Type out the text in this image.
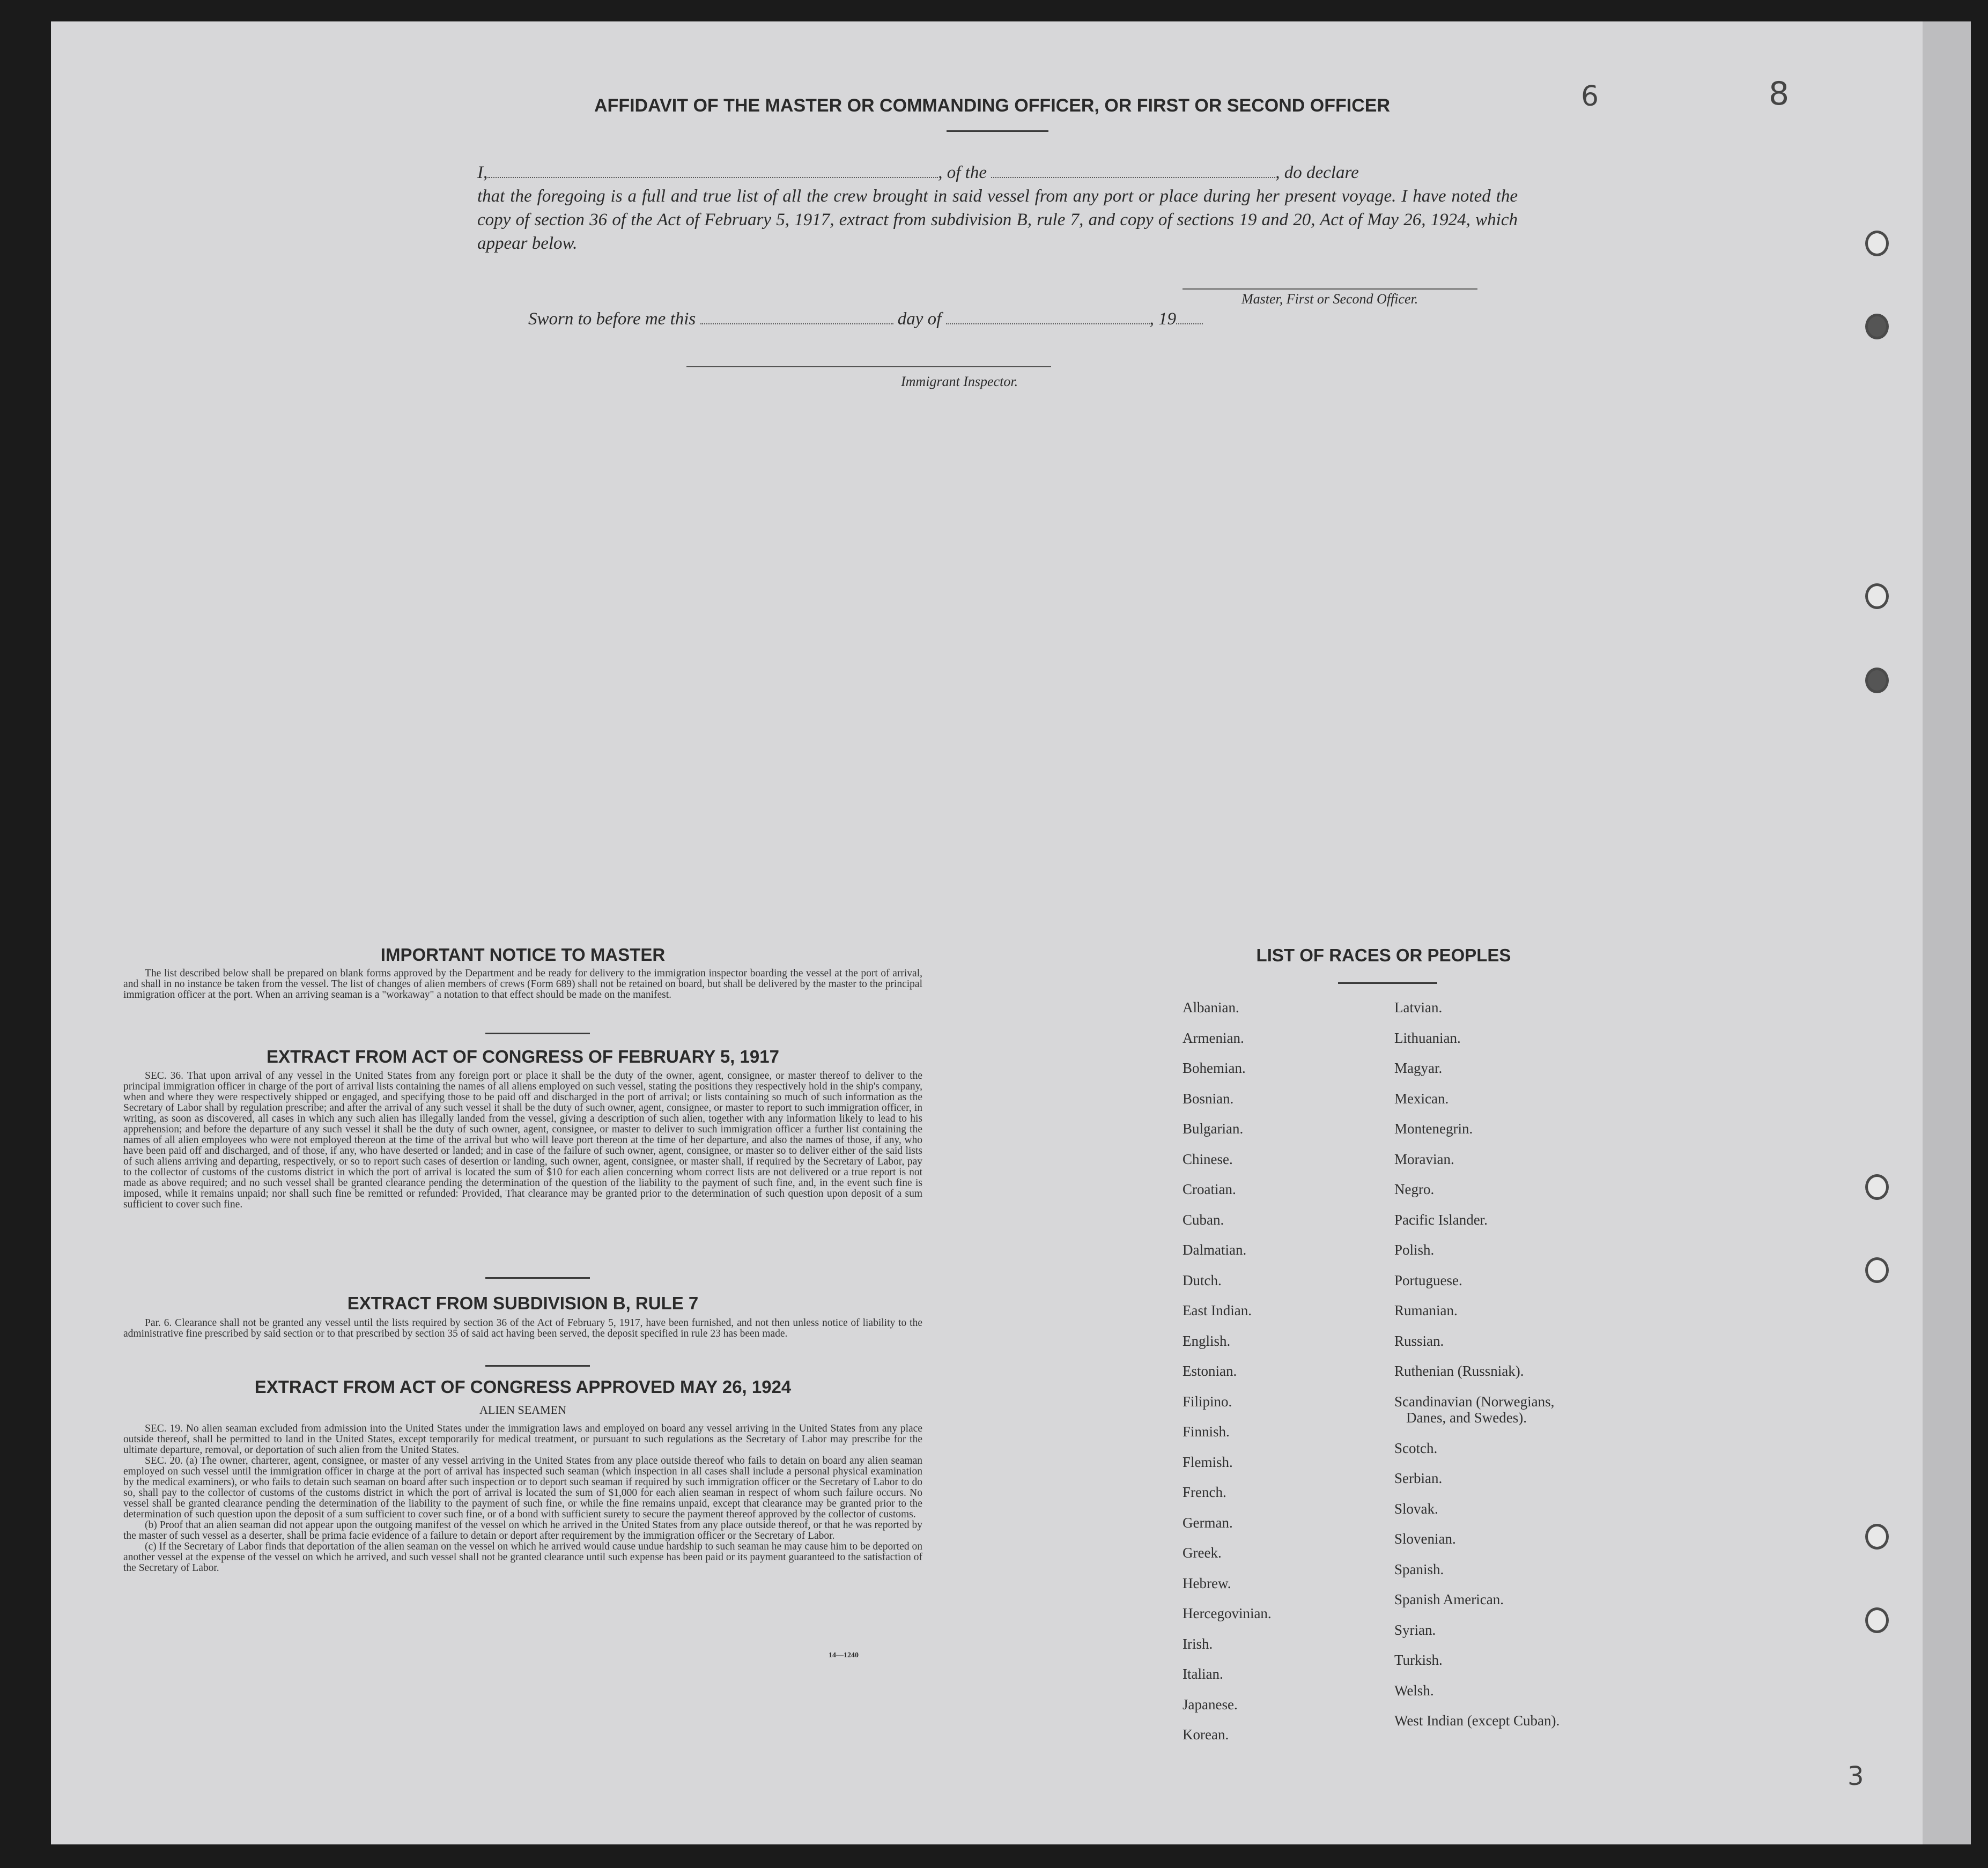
6	8
3
AFFIDAVIT OF THE MASTER OR COMMANDING OFFICER, OR FIRST OR SECOND OFFICER
I,	, of the	, do declare
that the foregoing is a full and true list of all the crew brought in said vessel from any port or place during her present voyage. I have noted the copy of section 36 of the Act of February 5, 1917, extract from subdivision B, rule 7, and copy of sections 19 and 20, Act of May 26, 1924, which appear below.
Master, First or Second Officer.
Sworn to before me this	day of	, 19
Immigrant Inspector.
IMPORTANT NOTICE TO MASTER

The list described below shall be prepared on blank forms approved by the Department and be ready for delivery to the immigration inspector boarding the vessel at the port of arrival, and shall in no instance be taken from the vessel. The list of changes of alien members of crews (Form 689) shall not be retained on board, but shall be delivered by the master to the principal immigration officer at the port. When an arriving seaman is a "workaway" a notation to that effect should be made on the manifest.

EXTRACT FROM ACT OF CONGRESS OF FEBRUARY 5, 1917

SEC. 36. That upon arrival of any vessel in the United States from any foreign port or place it shall be the duty of the owner, agent, consignee, or master thereof to deliver to the principal immigration officer in charge of the port of arrival lists containing the names of all aliens employed on such vessel, stating the positions they respectively hold in the ship's company, when and where they were respectively shipped or engaged, and specifying those to be paid off and discharged in the port of arrival; or lists containing so much of such information as the Secretary of Labor shall by regulation prescribe; and after the arrival of any such vessel it shall be the duty of such owner, agent, consignee, or master to report to such immigration officer, in writing, as soon as discovered, all cases in which any such alien has illegally landed from the vessel, giving a description of such alien, together with any information likely to lead to his apprehension; and before the departure of any such vessel it shall be the duty of such owner, agent, consignee, or master to deliver to such immigration officer a further list containing the names of all alien employees who were not employed thereon at the time of the arrival but who will leave port thereon at the time of her departure, and also the names of those, if any, who have been paid off and discharged, and of those, if any, who have deserted or landed; and in case of the failure of such owner, agent, consignee, or master so to deliver either of the said lists of such aliens arriving and departing, respectively, or so to report such cases of desertion or landing, such owner, agent, consignee, or master shall, if required by the Secretary of Labor, pay to the collector of customs of the customs district in which the port of arrival is located the sum of $10 for each alien concerning whom correct lists are not delivered or a true report is not made as above required; and no such vessel shall be granted clearance pending the determination of the question of the liability to the payment of such fine, and, in the event such fine is imposed, while it remains unpaid; nor shall such fine be remitted or refunded: Provided, That clearance may be granted prior to the determination of such question upon deposit of a sum sufficient to cover such fine.

EXTRACT FROM SUBDIVISION B, RULE 7

Par. 6. Clearance shall not be granted any vessel until the lists required by section 36 of the Act of February 5, 1917, have been furnished, and not then unless notice of liability to the administrative fine prescribed by said section or to that prescribed by section 35 of said act having been served, the deposit specified in rule 23 has been made.

EXTRACT FROM ACT OF CONGRESS APPROVED MAY 26, 1924
ALIEN SEAMEN

SEC. 19. No alien seaman excluded from admission into the United States under the immigration laws and employed on board any vessel arriving in the United States from any place outside thereof, shall be permitted to land in the United States, except temporarily for medical treatment, or pursuant to such regulations as the Secretary of Labor may prescribe for the ultimate departure, removal, or deportation of such alien from the United States.

SEC. 20. (a) The owner, charterer, agent, consignee, or master of any vessel arriving in the United States from any place outside thereof who fails to detain on board any alien seaman employed on such vessel until the immigration officer in charge at the port of arrival has inspected such seaman (which inspection in all cases shall include a personal physical examination by the medical examiners), or who fails to detain such seaman on board after such inspection or to deport such seaman if required by such immigration officer or the Secretary of Labor to do so, shall pay to the collector of customs of the customs district in which the port of arrival is located the sum of $1,000 for each alien seaman in respect of whom such failure occurs. No vessel shall be granted clearance pending the determination of the liability to the payment of such fine, or while the fine remains unpaid, except that clearance may be granted prior to the determination of such question upon the deposit of a sum sufficient to cover such fine, or of a bond with sufficient surety to secure the payment thereof approved by the collector of customs.

(b) Proof that an alien seaman did not appear upon the outgoing manifest of the vessel on which he arrived in the United States from any place outside thereof, or that he was reported by the master of such vessel as a deserter, shall be prima facie evidence of a failure to detain or deport after requirement by the immigration officer or the Secretary of Labor.

(c) If the Secretary of Labor finds that deportation of the alien seaman on the vessel on which he arrived would cause undue hardship to such seaman he may cause him to be deported on another vessel at the expense of the vessel on which he arrived, and such vessel shall not be granted clearance until such expense has been paid or its payment guaranteed to the satisfaction of the Secretary of Labor.

14—1240
LIST OF RACES OR PEOPLES
Albanian.
Armenian.
Bohemian.
Bosnian.
Bulgarian.
Chinese.
Croatian.
Cuban.
Dalmatian.
Dutch.
East Indian.
English.
Estonian.
Filipino.
Finnish.
Flemish.
French.
German.
Greek.
Hebrew.
Hercegovinian.
Irish.
Italian.
Japanese.
Korean.
Latvian.
Lithuanian.
Magyar.
Mexican.
Montenegrin.
Moravian.
Negro.
Pacific Islander.
Polish.
Portuguese.
Rumanian.
Russian.
Ruthenian (Russniak).
Scandinavian (Norwegians,
Danes, and Swedes).
Scotch.
Serbian.
Slovak.
Slovenian.
Spanish.
Spanish American.
Syrian.
Turkish.
Welsh.
West Indian (except Cuban).
